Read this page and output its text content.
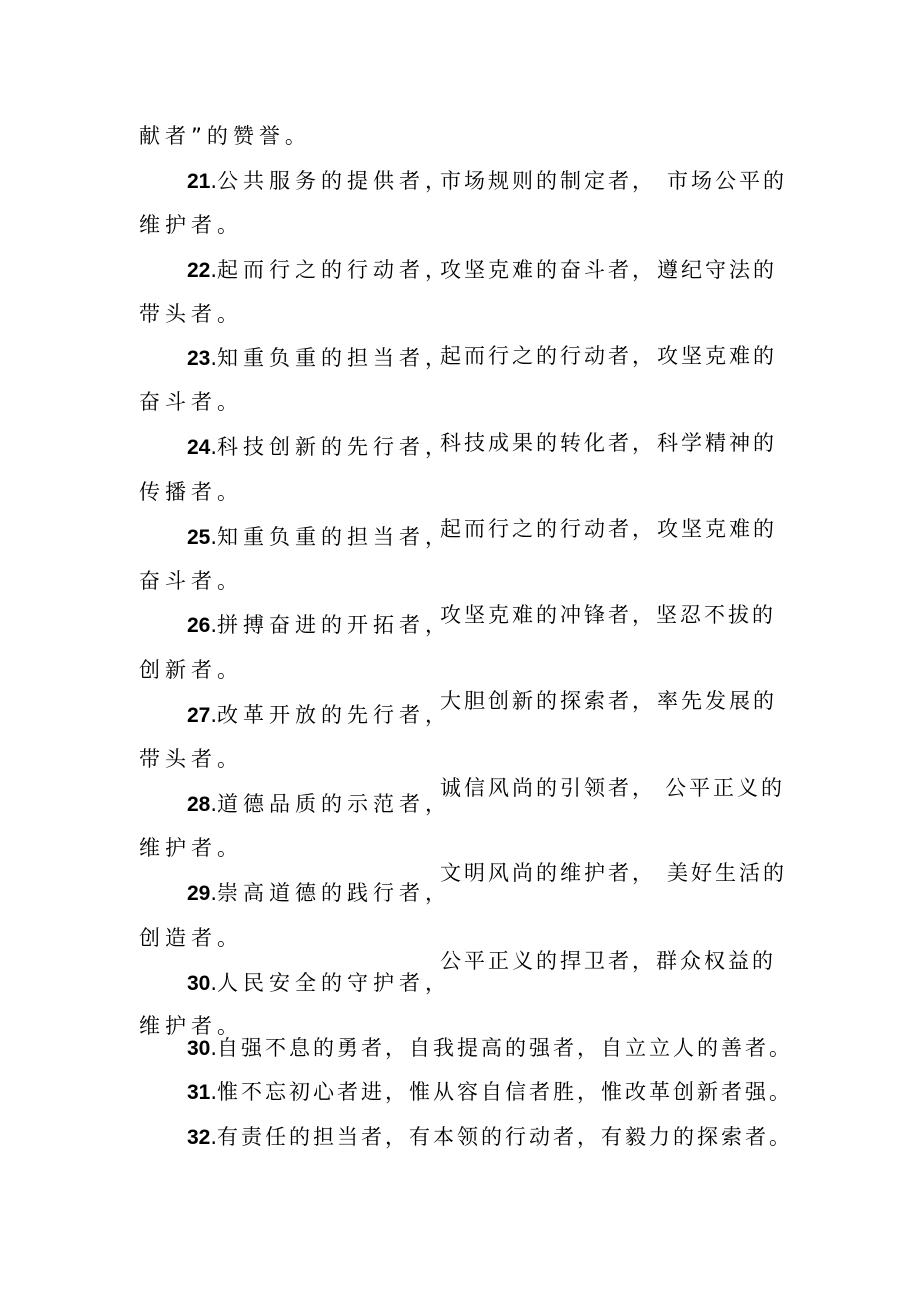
献者”的赞誉。
21.公共服务的提供者，
市场规则的制定者， 市场公平的
维护者。
22.起而行之的行动者，
攻坚克难的奋斗者， 遵纪守法的
带头者。
23.知重负重的担当者，
起而行之的行动者， 攻坚克难的
奋斗者。
24.科技创新的先行者，
科技成果的转化者， 科学精神的
传播者。
25.知重负重的担当者，
起而行之的行动者， 攻坚克难的
奋斗者。
26.拼搏奋进的开拓者，
攻坚克难的冲锋者，坚忍不拔的
创新者。
27.改革开放的先行者，
大胆创新的探索者， 率先发展的
带头者。
28.道德品质的示范者，
诚信风尚的引领者， 公平正义的
维护者。
29.崇高道德的践行者，
文明风尚的维护者， 美好生活的
创造者。
30.人民安全的守护者，
公平正义的捍卫者，群众权益的
维护者。
30.自强不息的勇者，自我提高的强者，自立立人的善者。
31.惟不忘初心者进，惟从容自信者胜，惟改革创新者强。
32.有责任的担当者，有本领的行动者，有毅力的探索者。
